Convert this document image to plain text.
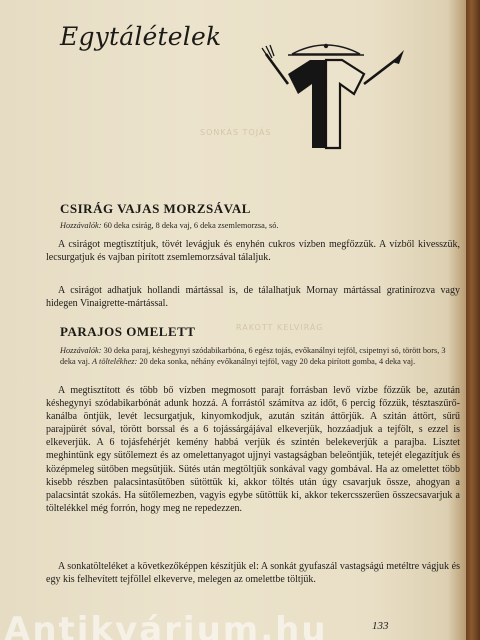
Egytálételek
SONKÁS TOJÁS
RAKOTT KELVIRÁG
CSIRÁG VAJAS MORZSÁVAL

Hozzávalók: 60 deka csirág, 8 deka vaj, 6 deka zsemlemorzsa, só.

A csirágot megtisztítjuk, tövét levágjuk és enyhén cukros vízben megfőzzük. A vízből kivesszük, lecsurgatjuk és vajban pirított zsemlemorzsával tálaljuk.

A csirágot adhatjuk hollandi mártással is, de tálalhatjuk Mornay mártással gratinírozva vagy hidegen Vinaigrette-mártással.

PARAJOS OMELETT

Hozzávalók: 30 deka paraj, késhegynyi szódabikarbóna, 6 egész tojás, evőkanálnyi tejföl, csipetnyi só, törött bors, 3 deka vaj. A töltelékhez: 20 deka sonka, néhány evőkanálnyi tejföl, vagy 20 deka pirított gomba, 4 deka vaj.

A megtisztított és több bő vízben megmosott parajt forrásban levő vízbe főzzük be, azután késhegynyi szódabikarbónát adunk hozzá. A forrástól számítva az időt, 6 percig főzzük, tésztaszűrő-kanálba öntjük, levét lecsurgatjuk, kinyomkodjuk, azután szitán áttörjük. A szitán áttört, sűrű parajpürét sóval, törött borssal és a 6 tojássárgájával elkeverjük, hozzáadjuk a tejfölt, s ezzel is elkeverjük. A 6 tojásfehérjét kemény habbá verjük és szintén belekeverjük a parajba. Lisztet meghintünk egy sütőlemezt és az omelettanyagot ujjnyi vastagságban beleöntjük, tetejét elegazítjuk és középmeleg sütőben megsütjük. Sütés után megtöltjük sonkával vagy gombával. Ha az omelettet több kisebb részben palacsintasütőben sütöttük ki, akkor töltés után úgy csavarjuk össze, ahogyan a palacsintát szokás. Ha sütőlemezben, vagyis egybe sütöttük ki, akkor tekercsszerűen összecsavarjuk a töltelékkel még forrón, hogy meg ne repedezzen.

A sonkatölteléket a következőképpen készítjük el: A sonkát gyufaszál vastagságú metéltre vágjuk és egy kis felhevített tejföllel elkeverve, melegen az omelettbe töltjük.

133
Antikvárium.hu
